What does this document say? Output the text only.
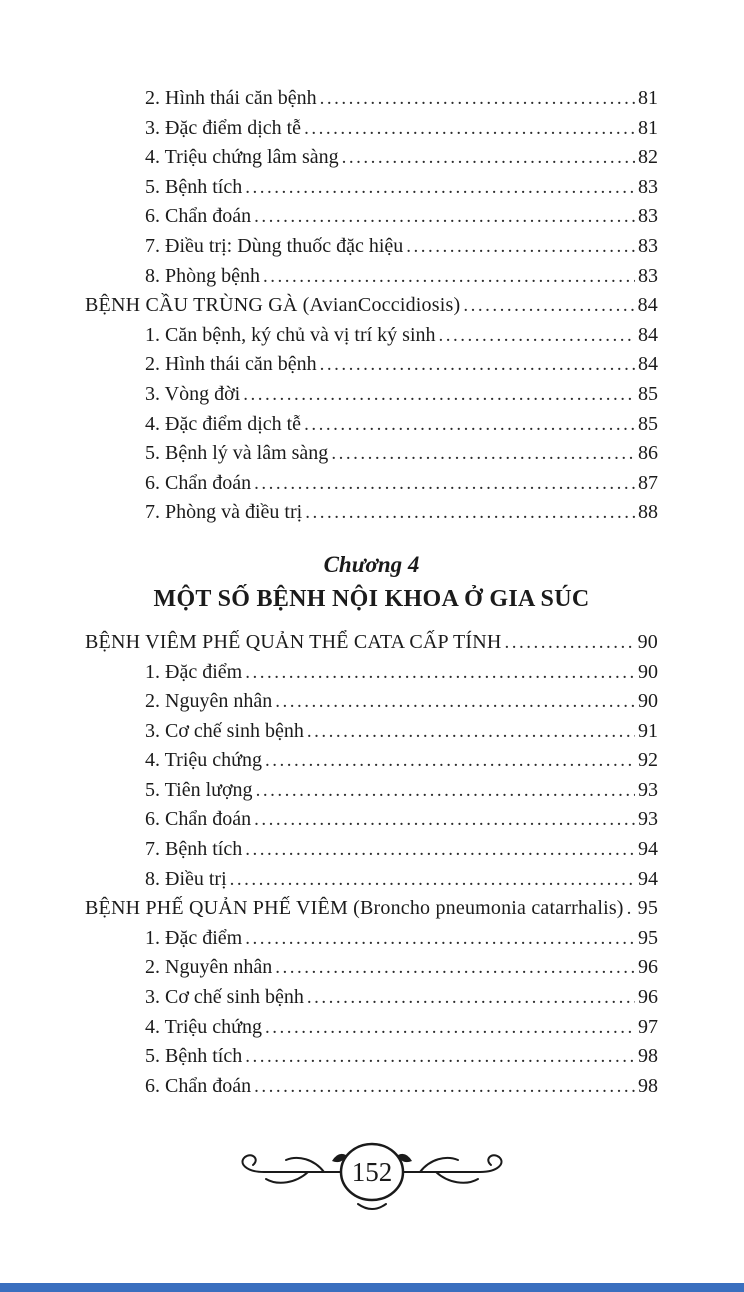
2. Hình thái căn bệnh .....	81
3. Đặc điểm dịch tễ .....	81
4. Triệu chứng lâm sàng .....	82
5. Bệnh tích .....	83
6. Chẩn đoán .....	83
7. Điều trị: Dùng thuốc đặc hiệu .....	83
8. Phòng bệnh .....	83
BỆNH CẦU TRÙNG GÀ (AvianCoccidiosis) .....	84
1. Căn bệnh, ký chủ và vị trí ký sinh .....	84
2. Hình thái căn bệnh .....	84
3. Vòng đời .....	85
4. Đặc điểm dịch tễ .....	85
5. Bệnh lý và lâm sàng .....	86
6. Chẩn đoán .....	87
7. Phòng và điều trị .....	88
Chương 4
MỘT SỐ BỆNH NỘI KHOA Ở GIA SÚC
BỆNH VIÊM PHẾ QUẢN THỂ CATA CẤP TÍNH .....	90
1. Đặc điểm .....	90
2. Nguyên nhân .....	90
3. Cơ chế sinh bệnh .....	91
4. Triệu chứng .....	92
5. Tiên lượng .....	93
6. Chẩn đoán .....	93
7. Bệnh tích .....	94
8. Điều trị .....	94
BỆNH PHẾ QUẢN PHẾ VIÊM (Broncho pneumonia catarrhalis) ..... 95
1. Đặc điểm .....	95
2. Nguyên nhân .....	96
3. Cơ chế sinh bệnh .....	96
4. Triệu chứng .....	97
5. Bệnh tích .....	98
6. Chẩn đoán .....	98
152
